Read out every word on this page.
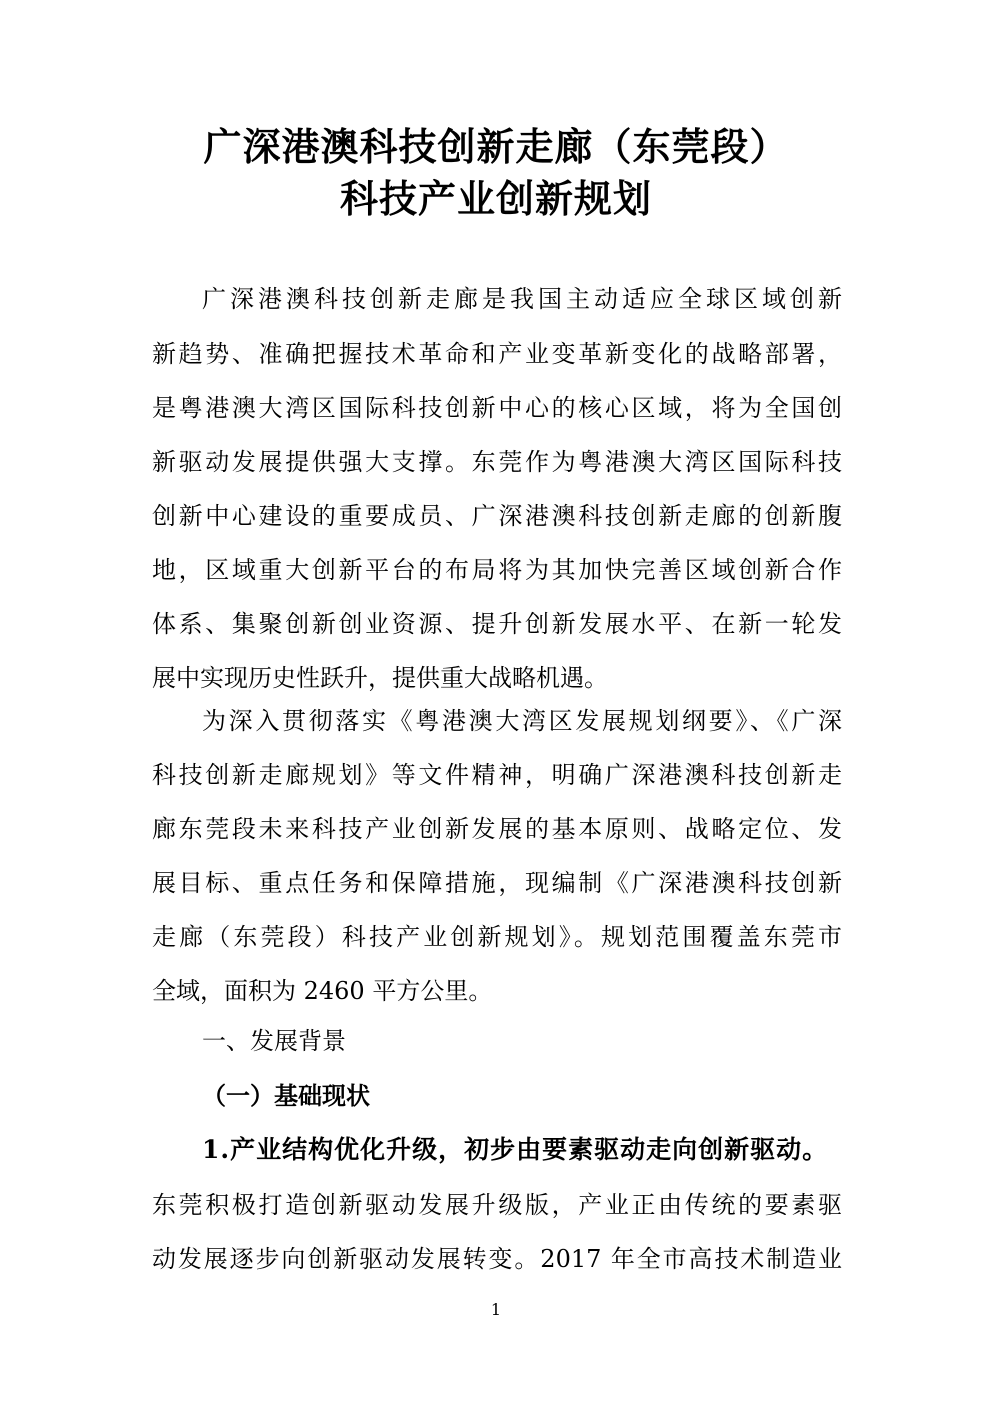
广深港澳科技创新走廊（东莞段）
科技产业创新规划
广深港澳科技创新走廊是我国主动适应全球区域创新
新趋势、准确把握技术革命和产业变革新变化的战略部署，
是粤港澳大湾区国际科技创新中心的核心区域，将为全国创
新驱动发展提供强大支撑。东莞作为粤港澳大湾区国际科技
创新中心建设的重要成员、广深港澳科技创新走廊的创新腹
地，区域重大创新平台的布局将为其加快完善区域创新合作
体系、集聚创新创业资源、提升创新发展水平、在新一轮发
展中实现历史性跃升，提供重大战略机遇。
为深入贯彻落实《粤港澳大湾区发展规划纲要》、《广深
科技创新走廊规划》等文件精神，明确广深港澳科技创新走
廊东莞段未来科技产业创新发展的基本原则、战略定位、发
展目标、重点任务和保障措施，现编制《广深港澳科技创新
走廊（东莞段）科技产业创新规划》。规划范围覆盖东莞市
全域，面积为 2460 平方公里。
一、发展背景
（一）基础现状
1.产业结构优化升级，初步由要素驱动走向创新驱动。
东莞积极打造创新驱动发展升级版，产业正由传统的要素驱
动发展逐步向创新驱动发展转变。2017 年全市高技术制造业
1
